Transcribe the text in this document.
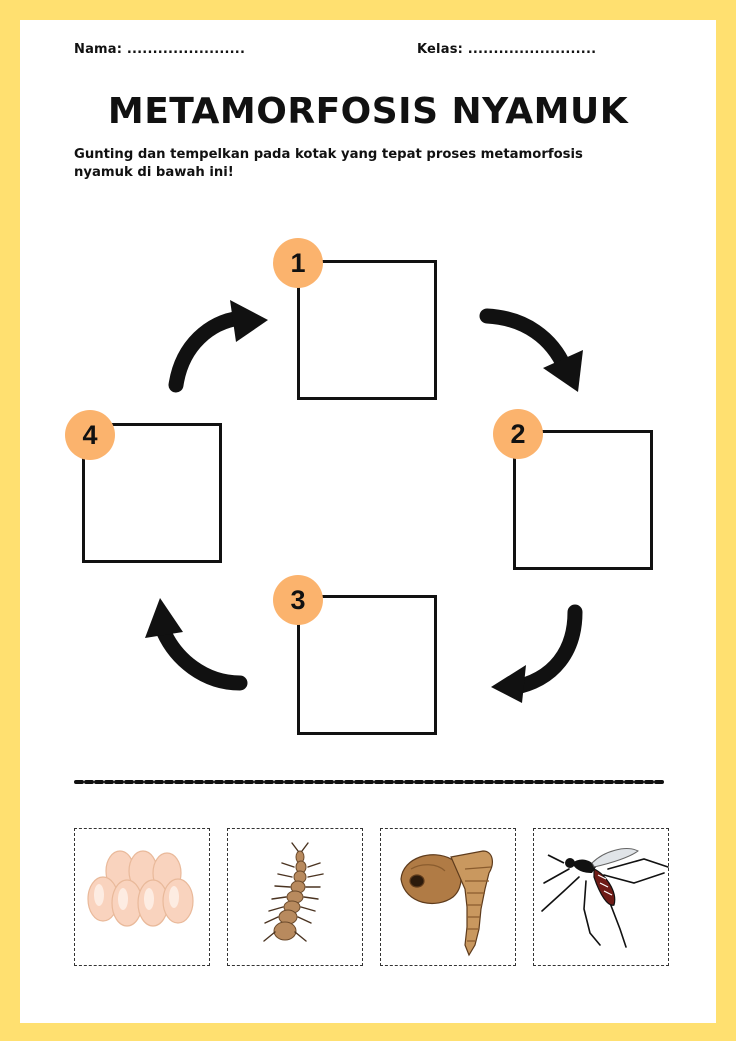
Nama: .......................	Kelas: .........................
METAMORFOSIS NYAMUK
Gunting dan tempelkan pada kotak yang tepat proses metamorfosis nyamuk di bawah ini!
1
2
3
4
